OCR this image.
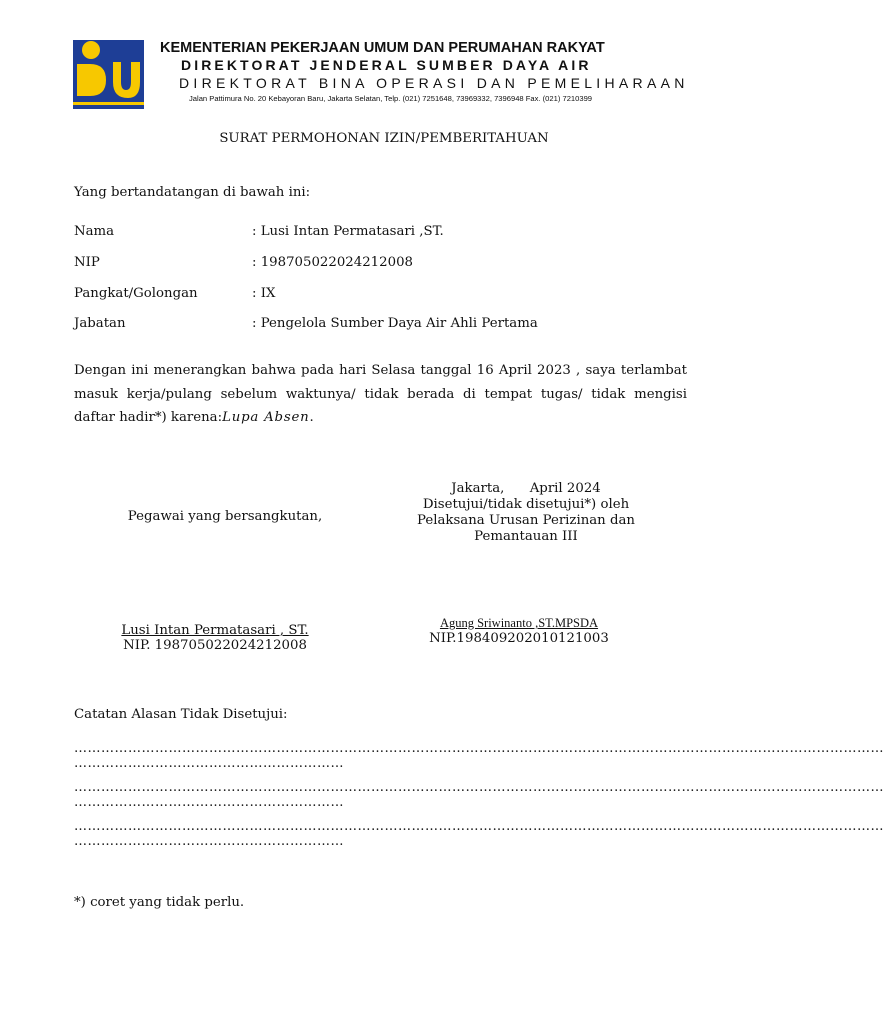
KEMENTERIAN PEKERJAAN UMUM DAN PERUMAHAN RAKYAT
DIREKTORAT JENDERAL SUMBER DAYA AIR
DIREKTORAT BINA OPERASI DAN PEMELIHARAAN
Jalan Pattimura No. 20 Kebayoran Baru, Jakarta Selatan, Telp. (021) 7251648, 73969332, 7396948 Fax. (021) 7210399
SURAT PERMOHONAN IZIN/PEMBERITAHUAN
Yang bertandatangan di bawah ini:
Nama	: Lusi Intan Permatasari ,ST.
NIP	: 198705022024212008
Pangkat/Golongan	: IX
Jabatan	: Pengelola Sumber Daya Air Ahli Pertama
Dengan ini menerangkan bahwa pada hari Selasa tanggal 16 April 2023 , saya terlambat
masuk kerja/pulang sebelum waktunya/ tidak berada di tempat tugas/ tidak mengisi
daftar hadir*) karena:Lupa Absen.
Pegawai yang bersangkutan,
Jakarta,      April 2024
Disetujui/tidak disetujui*) oleh
Pelaksana Urusan Perizinan dan
Pemantauan III
Lusi Intan Permatasari , ST.
NIP. 198705022024212008
Agung Sriwinanto ,ST.MPSDA
NIP.198409202010121003
Catatan Alasan Tidak Disetujui:
………………………………………………………………………………………………………………………………………………………………
……………………………………………………
………………………………………………………………………………………………………………………………………………………………
……………………………………………………
………………………………………………………………………………………………………………………………………………………………
……………………………………………………
*) coret yang tidak perlu.
